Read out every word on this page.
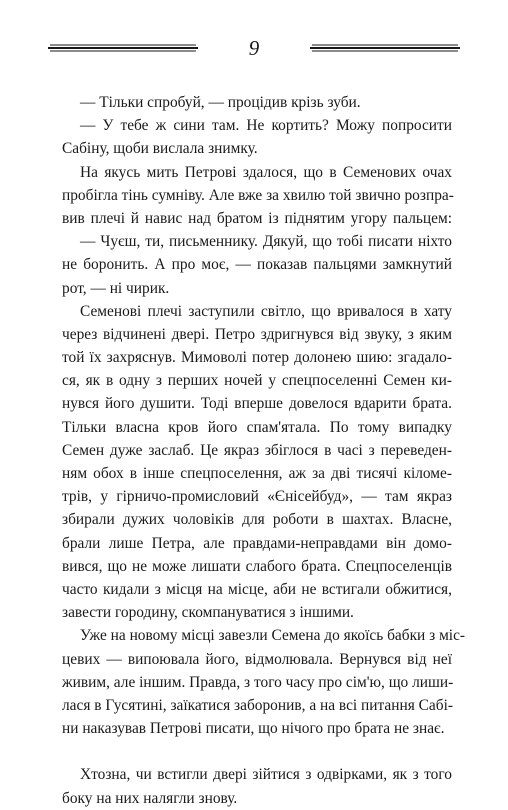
9
— Тільки спробуй, — процідив крізь зуби.
— У тебе ж сини там. Не кортить? Можу попросити
Сабіну, щоби вислала знимку.
На якусь мить Петрові здалося, що в Семенових очах
пробігла тінь сумніву. Але вже за хвилю той звично розпра-
вив плечі й навис над братом із піднятим угору пальцем:
— Чуєш, ти, письменнику. Дякуй, що тобі писати ніхто
не боронить. А про моє, — показав пальцями замкнутий
рот, — ні чирик.
Семенові плечі заступили світло, що вривалося в хату
через відчинені двері. Петро здригнувся від звуку, з яким
той їх захряснув. Мимоволі потер долонею шию: згадало-
ся, як в одну з перших ночей у спецпоселенні Семен ки-
нувся його душити. Тоді вперше довелося вдарити брата.
Тільки власна кров його спам'ятала. По тому випадку
Семен дуже заслаб. Це якраз збіглося в часі з переведен-
ням обох в інше спецпоселення, аж за дві тисячі кіломе-
трів, у гірничо-промисловий «Єнісейбуд», — там якраз
збирали дужих чоловіків для роботи в шахтах. Власне,
брали лише Петра, але правдами-неправдами він домо-
вився, що не може лишати слабого брата. Спецпоселенців
часто кидали з місця на місце, аби не встигали обжитися,
завести городину, скомпануватися з іншими.
Уже на новому місці завезли Семена до якоїсь бабки з міс-
цевих — випоювала його, відмолювала. Вернувся від неї
живим, але іншим. Правда, з того часу про сім'ю, що лиши-
лася в Гусятині, заїкатися заборонив, а на всі питання Сабі-
ни наказував Петрові писати, що нічого про брата не знає.
Хтозна, чи встигли двері зійтися з одвірками, як з того
боку на них налягли знову.
